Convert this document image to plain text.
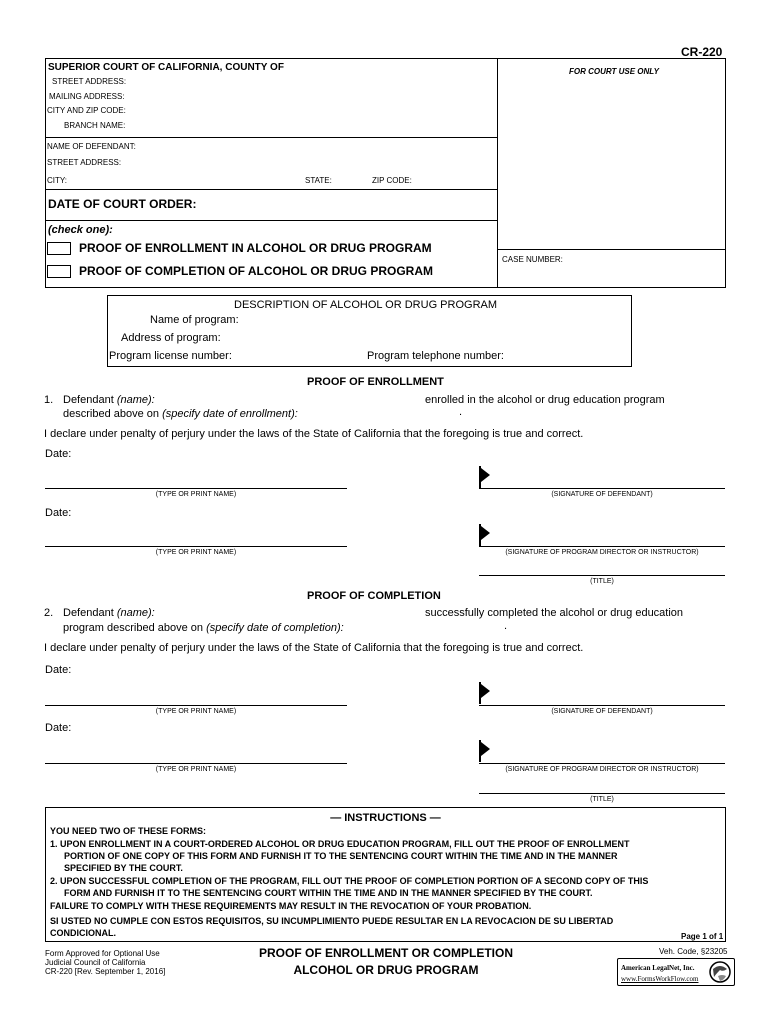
CR-220
SUPERIOR COURT OF CALIFORNIA, COUNTY OF
STREET ADDRESS:
MAILING ADDRESS:
CITY AND ZIP CODE:
BRANCH NAME:
FOR COURT USE ONLY
NAME OF DEFENDANT:
STREET ADDRESS:
CITY:	STATE:	ZIP CODE:
DATE OF COURT ORDER:
(check one):
PROOF OF ENROLLMENT IN ALCOHOL OR DRUG PROGRAM
PROOF OF COMPLETION OF ALCOHOL OR DRUG PROGRAM
CASE NUMBER:
DESCRIPTION OF ALCOHOL OR DRUG PROGRAM
Name of program:
Address of program:
Program license number:	Program telephone number:
PROOF OF ENROLLMENT
1. Defendant (name):	enrolled in the alcohol or drug education program
described above on (specify date of enrollment):	.
I declare under penalty of perjury under the laws of the State of California that the foregoing is true and correct.
Date:
(TYPE OR PRINT NAME)	(SIGNATURE OF DEFENDANT)
Date:
(TYPE OR PRINT NAME)	(SIGNATURE OF PROGRAM DIRECTOR OR INSTRUCTOR)
(TITLE)
PROOF OF COMPLETION
2. Defendant (name):	successfully completed the alcohol or drug education
program described above on (specify date of completion):	.
I declare under penalty of perjury under the laws of the State of California that the foregoing is true and correct.
Date:
(TYPE OR PRINT NAME)	(SIGNATURE OF DEFENDANT)
Date:
(TYPE OR PRINT NAME)	(SIGNATURE OF PROGRAM DIRECTOR OR INSTRUCTOR)
(TITLE)
— INSTRUCTIONS —
YOU NEED TWO OF THESE FORMS:
1. UPON ENROLLMENT IN A COURT-ORDERED ALCOHOL OR DRUG EDUCATION PROGRAM, FILL OUT THE PROOF OF ENROLLMENT
PORTION OF ONE COPY OF THIS FORM AND FURNISH IT TO THE SENTENCING COURT WITHIN THE TIME AND IN THE MANNER
SPECIFIED BY THE COURT.
2. UPON SUCCESSFUL COMPLETION OF THE PROGRAM, FILL OUT THE PROOF OF COMPLETION PORTION OF A SECOND COPY OF THIS
FORM AND FURNISH IT TO THE SENTENCING COURT WITHIN THE TIME AND IN THE MANNER SPECIFIED BY THE COURT.
FAILURE TO COMPLY WITH THESE REQUIREMENTS MAY RESULT IN THE REVOCATION OF YOUR PROBATION.
SI USTED NO CUMPLE CON ESTOS REQUISITOS, SU INCUMPLIMIENTO PUEDE RESULTAR EN LA REVOCACION DE SU LIBERTAD
CONDICIONAL.	Page 1 of 1
Form Approved for Optional Use
Judicial Council of California
CR-220 [Rev. September 1, 2016]
PROOF OF ENROLLMENT OR COMPLETION
ALCOHOL OR DRUG PROGRAM
Veh. Code, §23205
American LegalNet, Inc.
www.FormsWorkFlow.com
